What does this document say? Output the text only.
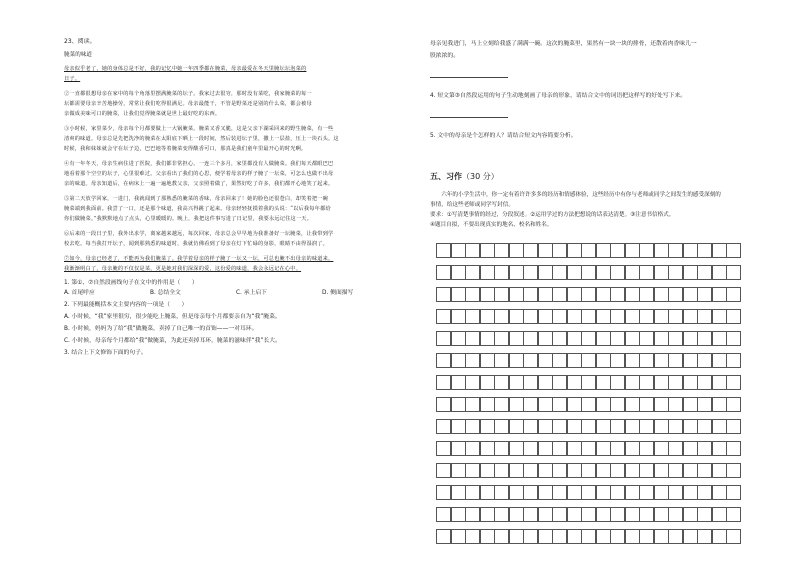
23、阅读。
腌菜的味道
母亲似乎老了，她的身体总是不好，我的记忆中她一年四季都在腌菜，母亲最爱在冬天里腌坛坛泡菜的
日子。
②一直都很想母亲在家中的每个角落里摆满腌菜的坛子。我家过去很穷，那时没有菜吃，我家腌菜的每一
坛都需要母亲辛苦地操劳，常常让我们吃得很满足。母亲最能干，不管是野菜还是别的什么菜，都会被母
亲做成美味可口的腌菜，让我们觉得腌菜就是世上最好吃的东西。
③小时候，家里菜少，母亲每个月都要做上一大锅腌菜。腌菜又香又脆，这是父亲下湖采回来的野生腌菜，有一些
清爽的味道。母亲总是先把洗净的腌菜在太阳底下晒上一段时间，然后装进坛子里，撒上一层盐，压上一块石头。这
时候，我和妹妹就会守在坛子边，巴巴地等着腌菜变得酸香可口，那真是我们童年里最开心的时光啊。
④有一年冬天，母亲生病住进了医院，我们都非常担心。一连三个多月，家里都没有人做腌菜。我们每天都眼巴巴
地看着那个空空的坛子，心里很难过。父亲看出了我们的心思，便学着母亲的样子腌了一坛菜，可怎么也做不出母
亲的味道。母亲知道后，在病床上一遍一遍地教父亲，父亲照着做了，果然好吃了许多，我们都开心地笑了起来。
⑤第二天放学回家，一进门，我就闻到了那熟悉的腌菜的香味，母亲回来了！她的脸色还很苍白，却笑着把一碗
腌菜端到我面前。我尝了一口，还是那个味道，我高兴得跳了起来。母亲轻轻抚摸着我的头说：“以后我每年都给
你们做腌菜。”我默默地点了点头，心里暖暖的。晚上，我把这件事写进了日记里，我要永远记住这一天。
⑥后来的一段日子里，我外出求学，离家越来越远，每次回家，母亲总会早早地为我准备好一坛腌菜，让我带到学
校去吃。每当我打开坛子，闻到那熟悉的味道时，我就仿佛看到了母亲在灯下忙碌的身影，眼睛不由得湿润了。
⑦如今，母亲已经老了，不能再为我们腌菜了。我学着母亲的样子腌了一坛又一坛，可总也腌不出母亲的味道来。
我渐渐明白了，母亲腌的不仅仅是菜，更是她对我们深深的爱，这份爱的味道，我会永远记在心中。
1. 第①、⑦自然段画线句子在文中的作用是（　　）
A. 首尾呼应	B. 总结全文	C. 承上启下	D. 侧面描写
2. 下列最能概括本文主要内容的一项是（　　）
A. 小时候，“我”家里很穷，很少能吃上腌菜，但是母亲每个月都要亲自为“我”腌菜。
B. 小时候，妈妈为了给“我”做腌菜，卖掉了自己唯一的首饰——一对耳环。
C. 小时候，母亲每个月都给“我”做腌菜，为此还卖掉耳环，腌菜的滋味伴“我”长大。
3. 结合上下文修饰下面的句子。
母亲见我进门，马上立刻给我盛了满满一碗。这次的腌菜里，果然有一块一块的排骨，还散着肉香味儿一
股浓浓的。
4. 短文第③自然段运用的句子生动地刻画了母亲的形象，请结合文中的词语把这样写的好处写下来。
5. 文中的母亲是个怎样的人？请结合短文内容简要分析。
五、习作（30 分）
　　六年的小学生活中，你一定有着许许多多的经历和情感体验，这些经历中有你与老师或同学之间发生的感受深刻的
事情，给这些老师或同学写封信。
要求：①写清楚事情的经过，分段叙述。②运用学过的方法把想说的话表达清楚。③注意书信格式。
④题目自拟，不要出现真实的地名、校名和姓名。
